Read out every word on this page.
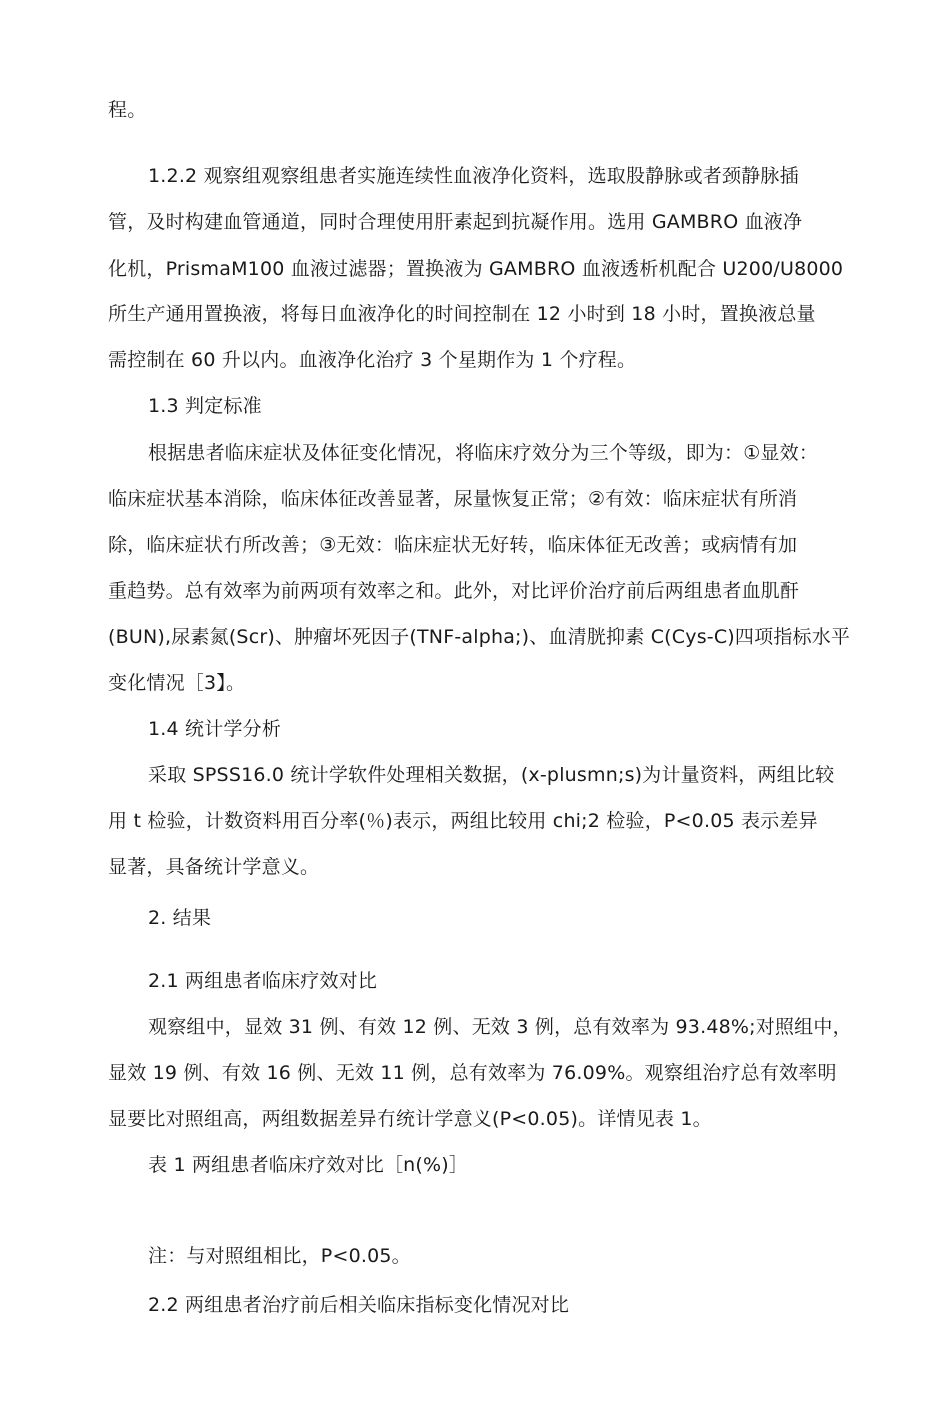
程。

1.2.2 观察组观察组患者实施连续性血液净化资料，选取股静脉或者颈静脉插

管，及时构建血管通道，同时合理使用肝素起到抗凝作用。选用 GAMBRO 血液净

化机，PrismaM100 血液过滤器；置换液为 GAMBRO 血液透析机配合 U200/U8000

所生产通用置换液，将每日血液净化的时间控制在 12 小时到 18 小时，置换液总量

需控制在 60 升以内。血液净化治疗 3 个星期作为 1 个疗程。

1.3 判定标准

根据患者临床症状及体征变化情况，将临床疗效分为三个等级，即为：①显效：

临床症状基本消除，临床体征改善显著，尿量恢复正常；②有效：临床症状有所消

除，临床症状冇所改善；③无效：临床症状无好转，临床体征无改善；或病情有加

重趋势。总有效率为前两项有效率之和。此外，对比评价治疗前后两组患者血肌酐

(BUN),尿素氮(Scr)、肿瘤坏死因子(TNF-alpha;)、血清胱抑素 C(Cys-C)四项指标水平

变化情况［3】。

1.4 统计学分析

采取 SPSS16.0 统计学软件处理相关数据，(x-plusmn;s)为计量资料，两组比较

用 t 检验，计数资料用百分率(％)表示，两组比较用 chi;2 检验，P<0.05 表示差异

显著，具备统计学意义。

2. 结果

2.1 两组患者临床疗效对比

观察组中，显效 31 例、有效 12 例、无效 3 例，总有效率为 93.48%;对照组中，

显效 19 例、有效 16 例、无效 11 例，总有效率为 76.09%。观察组治疗总有效率明

显要比对照组高，两组数据差异冇统计学意义(P<0.05)。详情见表 1。

表 1 两组患者临床疗效对比［n(%)］

注：与对照组相比，P<0.05。

2.2 两组患者治疗前后相关临床指标变化情况对比
